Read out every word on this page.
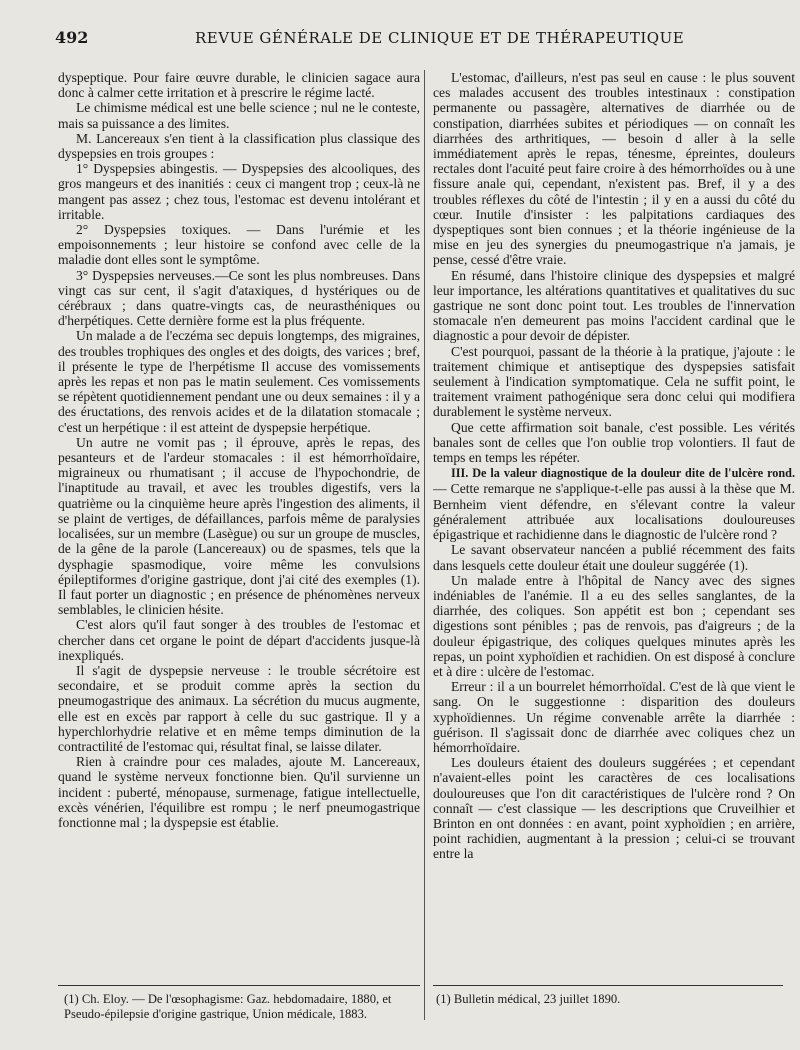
492	REVUE GÉNÉRALE DE CLINIQUE ET DE THÉRAPEUTIQUE

dyspeptique. Pour faire œuvre durable, le clinicien sagace aura donc à calmer cette irritation et à prescrire le régime lacté.

Le chimisme médical est une belle science ; nul ne le conteste, mais sa puissance a des limites.

M. Lancereaux s'en tient à la classification plus classique des dyspepsies en trois groupes :

1° Dyspepsies abingestis. — Dyspepsies des alcooliques, des gros mangeurs et des inanitiés : ceux ci mangent trop ; ceux-là ne mangent pas assez ; chez tous, l'estomac est devenu intolérant et irritable.

2° Dyspepsies toxiques. — Dans l'urémie et les empoisonnements ; leur histoire se confond avec celle de la maladie dont elles sont le symptôme.

3° Dyspepsies nerveuses.—Ce sont les plus nombreuses. Dans vingt cas sur cent, il s'agit d'ataxiques, d hystériques ou de cérébraux ; dans quatre-vingts cas, de neurasthéniques ou d'herpétiques. Cette dernière forme est la plus fréquente.

Un malade a de l'eczéma sec depuis longtemps, des migraines, des troubles trophiques des ongles et des doigts, des varices ; bref, il présente le type de l'herpétisme Il accuse des vomissements après les repas et non pas le matin seulement. Ces vomissements se répètent quotidiennement pendant une ou deux semaines : il y a des éructations, des renvois acides et de la dilatation stomacale ; c'est un herpétique : il est atteint de dyspepsie herpétique.

Un autre ne vomit pas ; il éprouve, après le repas, des pesanteurs et de l'ardeur stomacales : il est hémorrhoïdaire, migraineux ou rhumatisant ; il accuse de l'hypochondrie, de l'inaptitude au travail, et avec les troubles digestifs, vers la quatrième ou la cinquième heure après l'ingestion des aliments, il se plaint de vertiges, de défaillances, parfois même de paralysies localisées, sur un membre (Lasègue) ou sur un groupe de muscles, de la gêne de la parole (Lancereaux) ou de spasmes, tels que la dysphagie spasmodique, voire même les convulsions épileptiformes d'origine gastrique, dont j'ai cité des exemples (1). Il faut porter un diagnostic ; en présence de phénomènes nerveux semblables, le clinicien hésite.

C'est alors qu'il faut songer à des troubles de l'estomac et chercher dans cet organe le point de départ d'accidents jusque-là inexpliqués.

Il s'agit de dyspepsie nerveuse : le trouble sécrétoire est secondaire, et se produit comme après la section du pneumogastrique des animaux. La sécrétion du mucus augmente, elle est en excès par rapport à celle du suc gastrique. Il y a hyperchlorhydrie relative et en même temps diminution de la contractilité de l'estomac qui, résultat final, se laisse dilater.

Rien à craindre pour ces malades, ajoute M. Lancereaux, quand le système nerveux fonctionne bien. Qu'il survienne un incident : puberté, ménopause, surmenage, fatigue intellectuelle, excès vénérien, l'équilibre est rompu ; le nerf pneumogastrique fonctionne mal ; la dyspepsie est établie.

L'estomac, d'ailleurs, n'est pas seul en cause : le plus souvent ces malades accusent des troubles intestinaux : constipation permanente ou passagère, alternatives de diarrhée ou de constipation, diarrhées subites et périodiques — on connaît les diarrhées des arthritiques, — besoin d aller à la selle immédiatement après le repas, ténesme, épreintes, douleurs rectales dont l'acuité peut faire croire à des hémorrhoïdes ou à une fissure anale qui, cependant, n'existent pas. Bref, il y a des troubles réflexes du côté de l'intestin ; il y en a aussi du côté du cœur. Inutile d'insister : les palpitations cardiaques des dyspeptiques sont bien connues ; et la théorie ingénieuse de la mise en jeu des synergies du pneumogastrique n'a jamais, je pense, cessé d'être vraie.

En résumé, dans l'histoire clinique des dyspepsies et malgré leur importance, les altérations quantitatives et qualitatives du suc gastrique ne sont donc point tout. Les troubles de l'innervation stomacale n'en demeurent pas moins l'accident cardinal que le diagnostic a pour devoir de dépister.

C'est pourquoi, passant de la théorie à la pratique, j'ajoute : le traitement chimique et antiseptique des dyspepsies satisfait seulement à l'indication symptomatique. Cela ne suffit point, le traitement vraiment pathogénique sera donc celui qui modifiera durablement le système nerveux.

Que cette affirmation soit banale, c'est possible. Les vérités banales sont de celles que l'on oublie trop volontiers. Il faut de temps en temps les répéter.

III. De la valeur diagnostique de la douleur dite de l'ulcère rond. — Cette remarque ne s'applique-t-elle pas aussi à la thèse que M. Bernheim vient défendre, en s'élevant contre la valeur généralement attribuée aux localisations douloureuses épigastrique et rachidienne dans le diagnostic de l'ulcère rond ?

Le savant observateur nancéen a publié récemment des faits dans lesquels cette douleur était une douleur suggérée (1).

Un malade entre à l'hôpital de Nancy avec des signes indéniables de l'anémie. Il a eu des selles sanglantes, de la diarrhée, des coliques. Son appétit est bon ; cependant ses digestions sont pénibles ; pas de renvois, pas d'aigreurs ; de la douleur épigastrique, des coliques quelques minutes après les repas, un point xyphoïdien et rachidien. On est disposé à conclure et à dire : ulcère de l'estomac.

Erreur : il a un bourrelet hémorrhoïdal. C'est de là que vient le sang. On le suggestionne : disparition des douleurs xyphoïdiennes. Un régime convenable arrête la diarrhée : guérison. Il s'agissait donc de diarrhée avec coliques chez un hémorrhoïdaire.

Les douleurs étaient des douleurs suggérées ; et cependant n'avaient-elles point les caractères de ces localisations douloureuses que l'on dit caractéristiques de l'ulcère rond ? On connaît — c'est classique — les descriptions que Cruveilhier et Brinton en ont données : en avant, point xyphoïdien ; en arrière, point rachidien, augmentant à la pression ; celui-ci se trouvant entre la

(1) Ch. Eloy. — De l'œsophagisme: Gaz. hebdomadaire, 1880, et Pseudo-épilepsie d'origine gastrique, Union médicale, 1883.
(1) Bulletin médical, 23 juillet 1890.
